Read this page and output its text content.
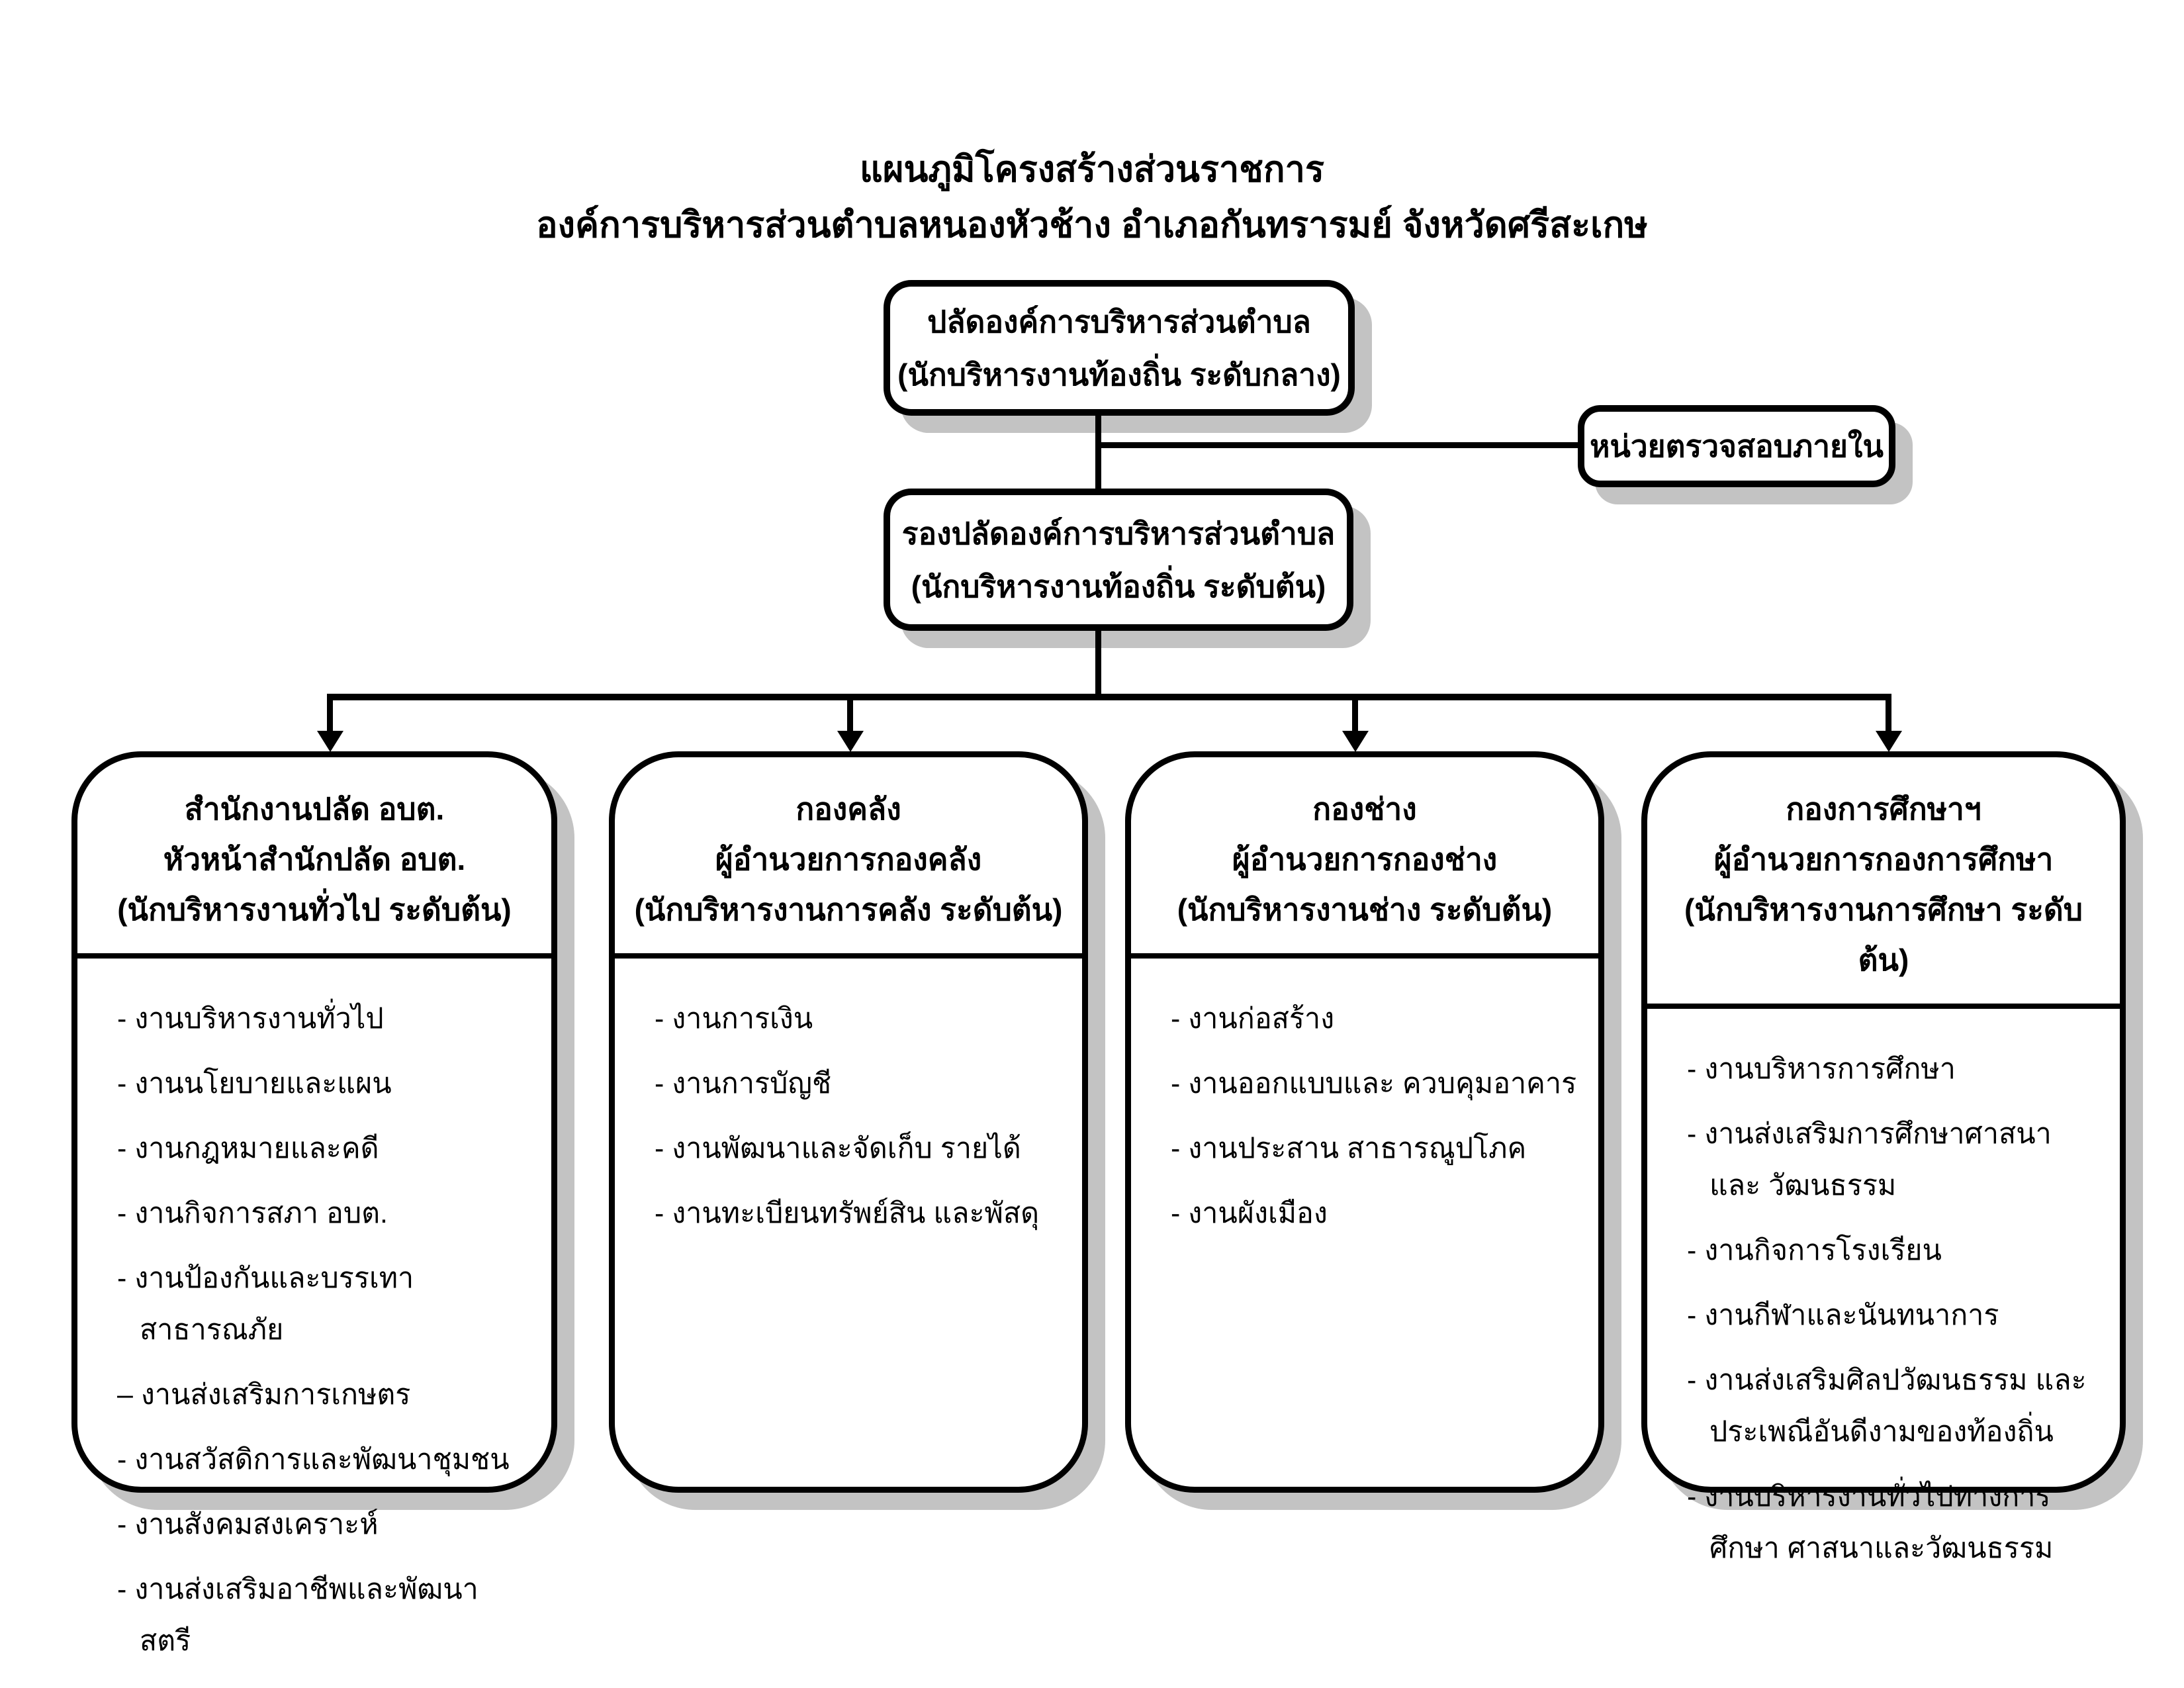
แผนภูมิโครงสร้างส่วนราชการ
องค์การบริหารส่วนตำบลหนองหัวช้าง อำเภอกันทรารมย์ จังหวัดศรีสะเกษ
ปลัดองค์การบริหารส่วนตำบล
(นักบริหารงานท้องถิ่น ระดับกลาง)
หน่วยตรวจสอบภายใน
รองปลัดองค์การบริหารส่วนตำบล
(นักบริหารงานท้องถิ่น ระดับต้น)
สำนักงานปลัด อบต.
หัวหน้าสำนักปลัด อบต.
(นักบริหารงานทั่วไป ระดับต้น)
- งานบริหารงานทั่วไป
- งานนโยบายและแผน
- งานกฎหมายและคดี
- งานกิจการสภา อบต.
- งานป้องกันและบรรเทา สาธารณภัย
– งานส่งเสริมการเกษตร
- งานสวัสดิการและพัฒนาชุมชน
- งานสังคมสงเคราะห์
- งานส่งเสริมอาชีพและพัฒนา สตรี
กองคลัง
ผู้อำนวยการกองคลัง
(นักบริหารงานการคลัง ระดับต้น)
- งานการเงิน
- งานการบัญชี
- งานพัฒนาและจัดเก็บ รายได้
- งานทะเบียนทรัพย์สิน และพัสดุ
กองช่าง
ผู้อำนวยการกองช่าง
(นักบริหารงานช่าง ระดับต้น)
- งานก่อสร้าง
- งานออกแบบและ ควบคุมอาคาร
- งานประสาน สาธารณูปโภค
- งานผังเมือง
กองการศึกษาฯ
ผู้อำนวยการกองการศึกษา
(นักบริหารงานการศึกษา ระดับต้น)
- งานบริหารการศึกษา
- งานส่งเสริมการศึกษาศาสนาและ วัฒนธรรม
- งานกิจการโรงเรียน
- งานกีฬาและนันทนาการ
- งานส่งเสริมศิลปวัฒนธรรม และ ประเพณีอันดีงามของท้องถิ่น
- งานบริหารงานทั่วไปทางการศึกษา ศาสนาและวัฒนธรรม
